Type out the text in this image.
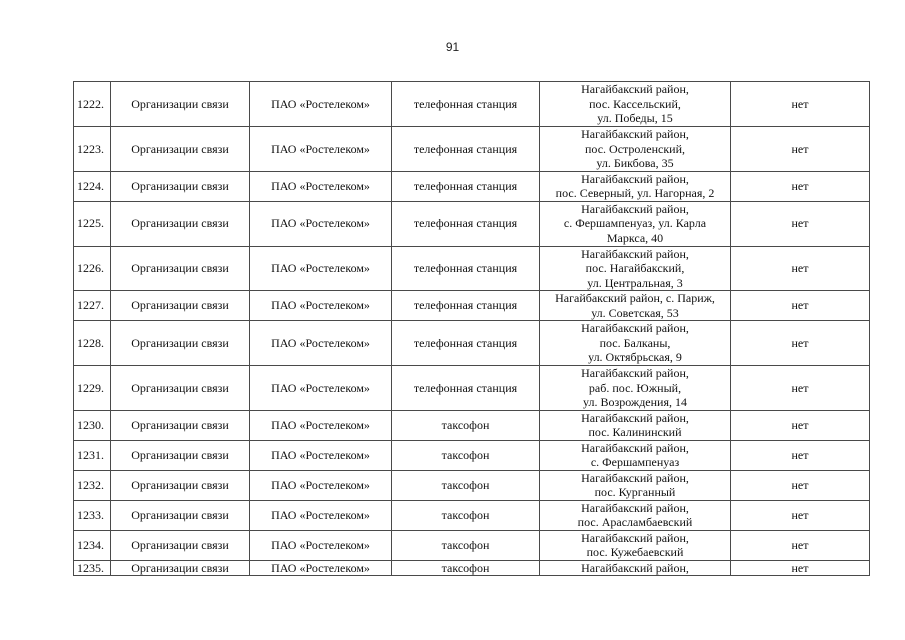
91
1222.	Организации связи	ПАО «Ростелеком»	телефонная станция	Нагайбакский район,
пос. Кассельский,
ул. Победы, 15	нет
1223.	Организации связи	ПАО «Ростелеком»	телефонная станция	Нагайбакский район,
пос. Остроленский,
ул. Бикбова, 35	нет
1224.	Организации связи	ПАО «Ростелеком»	телефонная станция	Нагайбакский район,
пос. Северный, ул. Нагорная, 2	нет
1225.	Организации связи	ПАО «Ростелеком»	телефонная станция	Нагайбакский район,
с. Фершампенуаз, ул. Карла
Маркса, 40	нет
1226.	Организации связи	ПАО «Ростелеком»	телефонная станция	Нагайбакский район,
пос. Нагайбакский,
ул. Центральная, 3	нет
1227.	Организации связи	ПАО «Ростелеком»	телефонная станция	Нагайбакский район, с. Париж,
ул. Советская, 53	нет
1228.	Организации связи	ПАО «Ростелеком»	телефонная станция	Нагайбакский район,
пос. Балканы,
ул. Октябрьская, 9	нет
1229.	Организации связи	ПАО «Ростелеком»	телефонная станция	Нагайбакский район,
раб. пос. Южный,
ул. Возрождения, 14	нет
1230.	Организации связи	ПАО «Ростелеком»	таксофон	Нагайбакский район,
пос. Калининский	нет
1231.	Организации связи	ПАО «Ростелеком»	таксофон	Нагайбакский район,
с. Фершампенуаз	нет
1232.	Организации связи	ПАО «Ростелеком»	таксофон	Нагайбакский район,
пос. Курганный	нет
1233.	Организации связи	ПАО «Ростелеком»	таксофон	Нагайбакский район,
пос. Арасламбаевский	нет
1234.	Организации связи	ПАО «Ростелеком»	таксофон	Нагайбакский район,
пос. Кужебаевский	нет
1235.	Организации связи	ПАО «Ростелеком»	таксофон	Нагайбакский район,	нет
